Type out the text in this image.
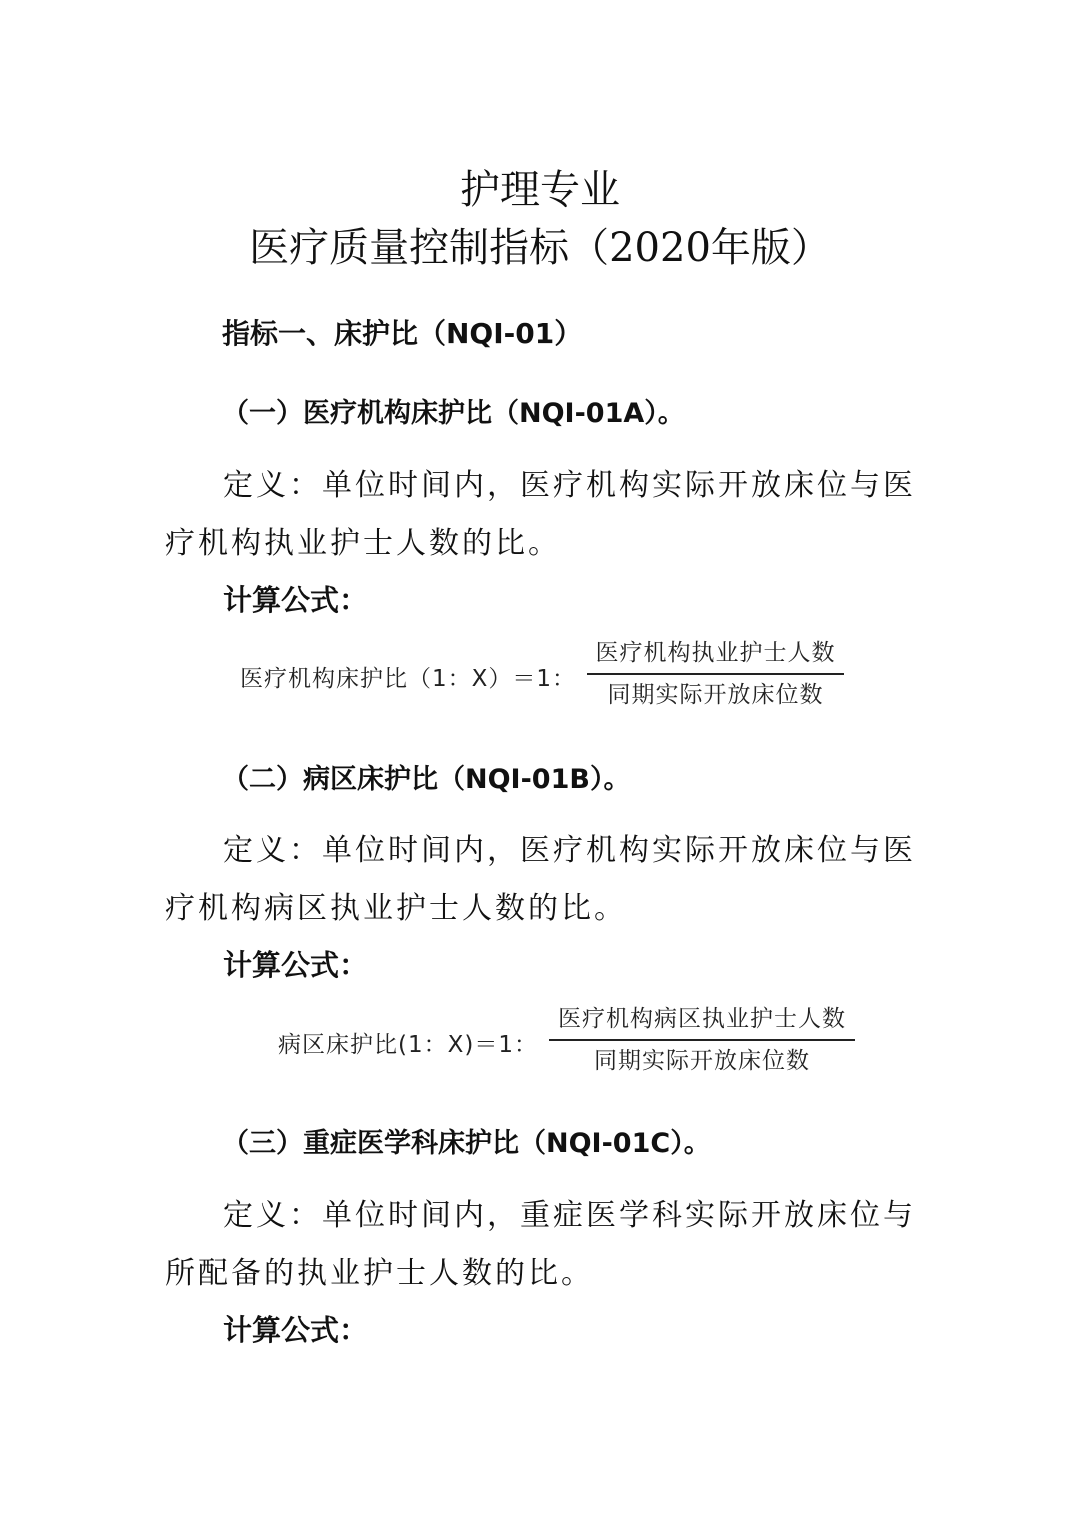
护理专业
医疗质量控制指标（2020年版）
指标一、床护比（NQI-01）
（一）医疗机构床护比（NQI-01A）。
定义：单位时间内，医疗机构实际开放床位与医疗机构执业护士人数的比。
计算公式：
医疗机构床护比（1：X）＝1：
医疗机构执业护士人数
同期实际开放床位数
（二）病区床护比（NQI-01B）。
定义：单位时间内，医疗机构实际开放床位与医疗机构病区执业护士人数的比。
计算公式：
病区床护比(1：X)＝1：
医疗机构病区执业护士人数
同期实际开放床位数
（三）重症医学科床护比（NQI-01C）。
定义：单位时间内，重症医学科实际开放床位与所配备的执业护士人数的比。
计算公式：
